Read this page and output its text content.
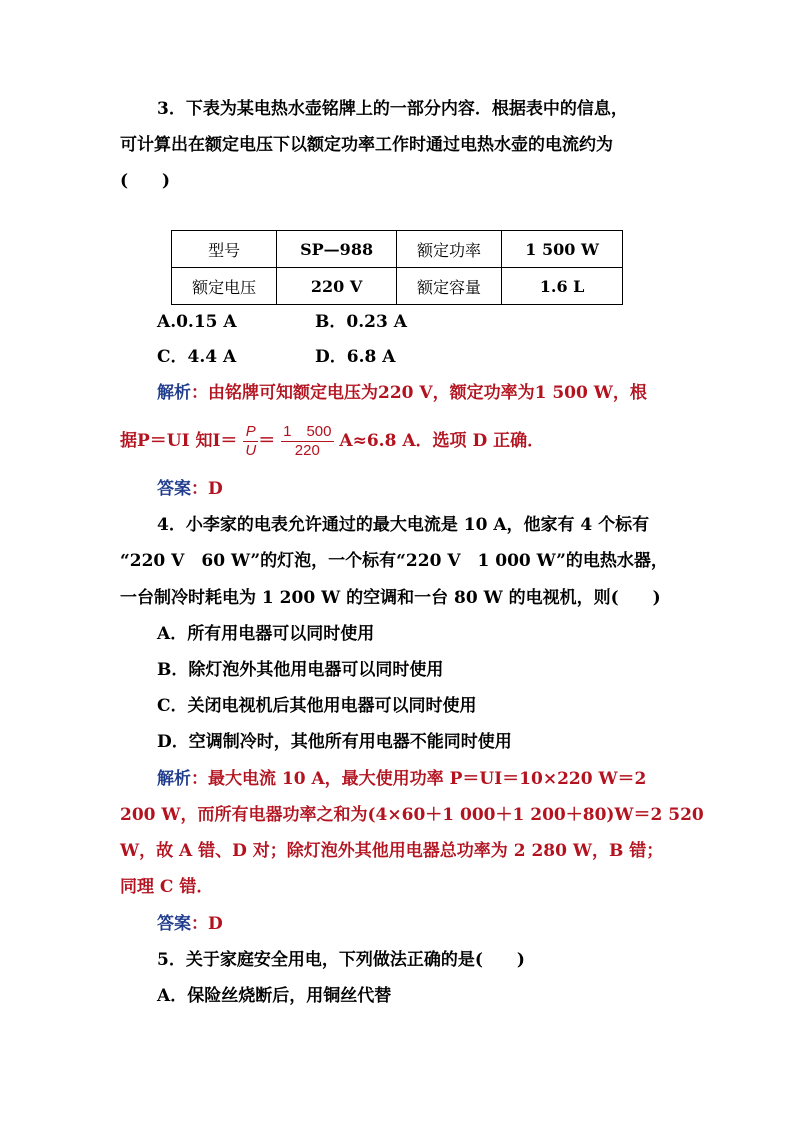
3．下表为某电热水壶铭牌上的一部分内容．根据表中的信息，
可计算出在额定电压下以额定功率工作时通过电热水壶的电流约为
(　　)
型号	SP—988	额定功率	1 500 W
额定电压	220 V	额定容量	1.6 L
A.0.15 A	B．0.23 A
C．4.4 A	D．6.8 A
解析：由铭牌可知额定电压为220 V，额定功率为1 500 W，根
据P＝UI 知$I= \frac{P}{U} = \frac{1 500}{220} A\approx 6.8$ A．选项 D 正确．
答案：D
4．小李家的电表允许通过的最大电流是 10 A，他家有 4 个标有
“220 V　60 W”的灯泡，一个标有“220 V　1 000 W”的电热水器，
一台制冷时耗电为 1 200 W 的空调和一台 80 W 的电视机，则(　　)
A．所有用电器可以同时使用
B．除灯泡外其他用电器可以同时使用
C．关闭电视机后其他用电器可以同时使用
D．空调制冷时，其他所有用电器不能同时使用
解析：最大电流 10 A，最大使用功率 P＝UI＝10×220 W＝2
200 W，而所有电器功率之和为(4×60＋1 000＋1 200＋80)W＝2 520
W，故 A 错、D 对；除灯泡外其他用电器总功率为 2 280 W，B 错；
同理 C 错．
答案：D
5．关于家庭安全用电，下列做法正确的是(　　)
A．保险丝烧断后，用铜丝代替
